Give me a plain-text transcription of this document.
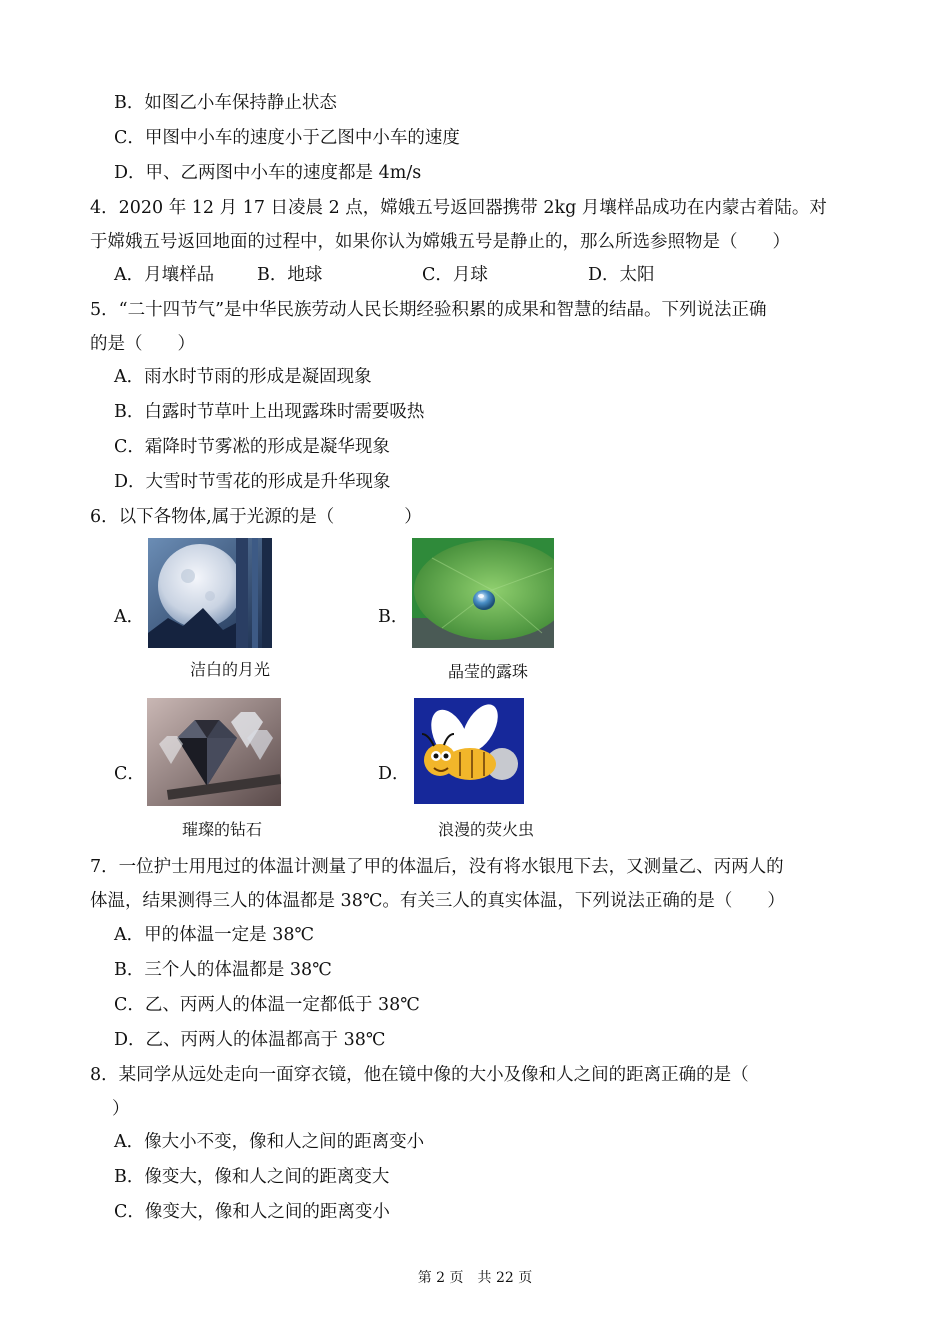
B．如图乙小车保持静止状态
C．甲图中小车的速度小于乙图中小车的速度
D．甲、乙两图中小车的速度都是 4m/s
4．2020 年 12 月 17 日凌晨 2 点，嫦娥五号返回器携带 2kg 月壤样品成功在内蒙古着陆。对
于嫦娥五号返回地面的过程中，如果你认为嫦娥五号是静止的，那么所选参照物是（　　）
A．月壤样品 B．地球	C．月球	D．太阳
5．“二十四节气”是中华民族劳动人民长期经验积累的成果和智慧的结晶。下列说法正确
的是（　　）
A．雨水时节雨的形成是凝固现象
B．白露时节草叶上出现露珠时需要吸热
C．霜降时节雾凇的形成是凝华现象
D．大雪时节雪花的形成是升华现象
6．以下各物体,属于光源的是（　　　　）
A．
洁白的月光
B．
晶莹的露珠
C．
璀璨的钻石
D．
浪漫的荧火虫
7．一位护士用甩过的体温计测量了甲的体温后，没有将水银甩下去，又测量乙、丙两人的
体温，结果测得三人的体温都是 38℃。有关三人的真实体温，下列说法正确的是（　　）
A．甲的体温一定是 38℃
B．三个人的体温都是 38℃
C．乙、丙两人的体温一定都低于 38℃
D．乙、丙两人的体温都高于 38℃
8．某同学从远处走向一面穿衣镜，他在镜中像的大小及像和人之间的距离正确的是（
）
A．像大小不变，像和人之间的距离变小
B．像变大，像和人之间的距离变大
C．像变大，像和人之间的距离变小
第 2 页　共 22 页
